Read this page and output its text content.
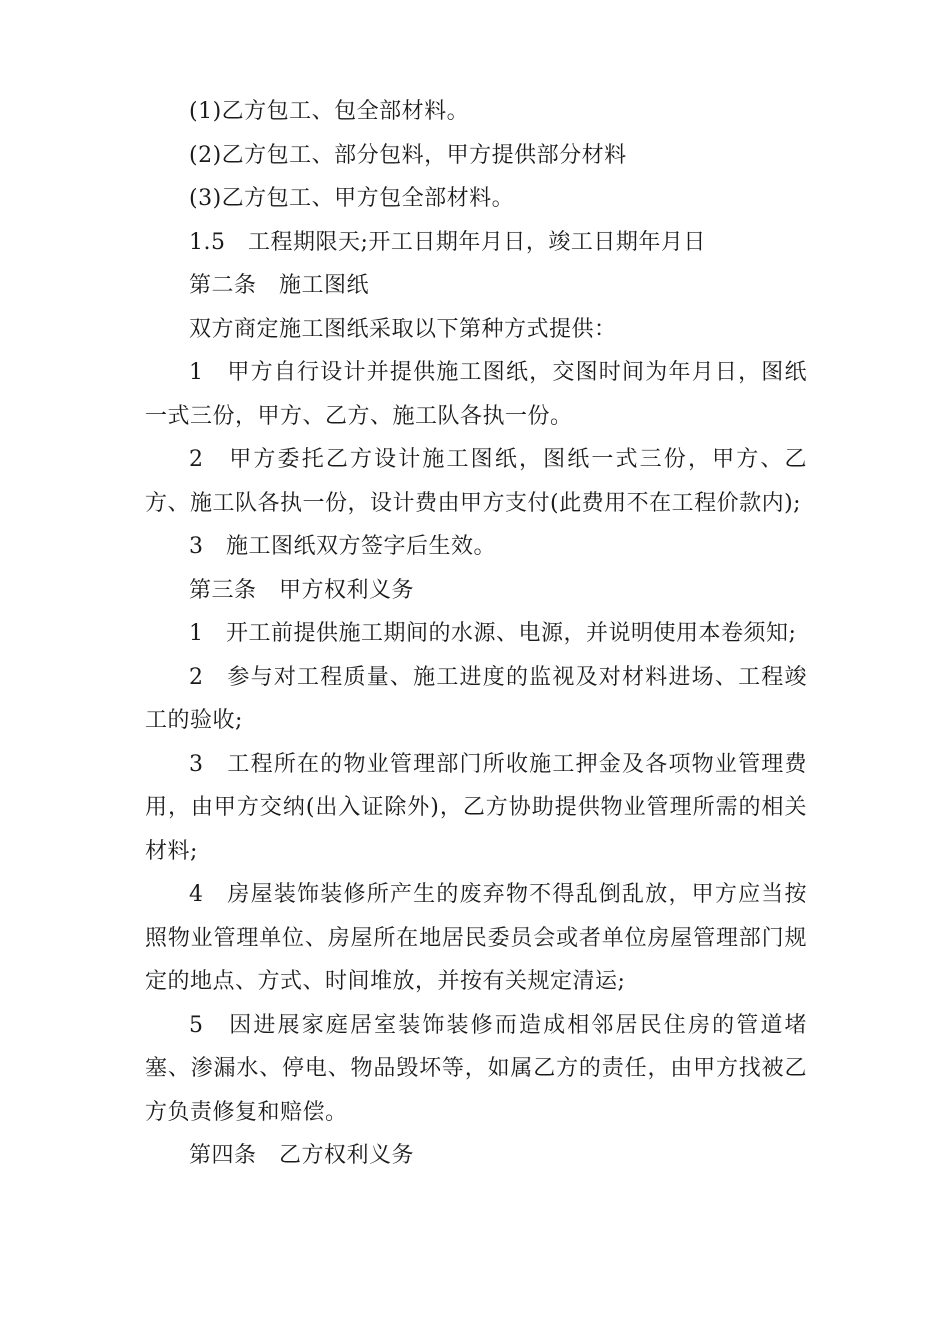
(1)乙方包工、包全部材料。

(2)乙方包工、部分包料，甲方提供部分材料

(3)乙方包工、甲方包全部材料。

1.5　工程期限天;开工日期年月日，竣工日期年月日

第二条　施工图纸

双方商定施工图纸采取以下第种方式提供：

1　甲方自行设计并提供施工图纸，交图时间为年月日，图纸一式三份，甲方、乙方、施工队各执一份。

2　甲方委托乙方设计施工图纸，图纸一式三份，甲方、乙方、施工队各执一份，设计费由甲方支付(此费用不在工程价款内);

3　施工图纸双方签字后生效。

第三条　甲方权利义务

1　开工前提供施工期间的水源、电源，并说明使用本卷须知;

2　参与对工程质量、施工进度的监视及对材料进场、工程竣工的验收;

3　工程所在的物业管理部门所收施工押金及各项物业管理费用，由甲方交纳(出入证除外)，乙方协助提供物业管理所需的相关材料;

4　房屋装饰装修所产生的废弃物不得乱倒乱放，甲方应当按照物业管理单位、房屋所在地居民委员会或者单位房屋管理部门规定的地点、方式、时间堆放，并按有关规定清运;

5　因进展家庭居室装饰装修而造成相邻居民住房的管道堵塞、渗漏水、停电、物品毁坏等，如属乙方的责任，由甲方找被乙方负责修复和赔偿。

第四条　乙方权利义务
